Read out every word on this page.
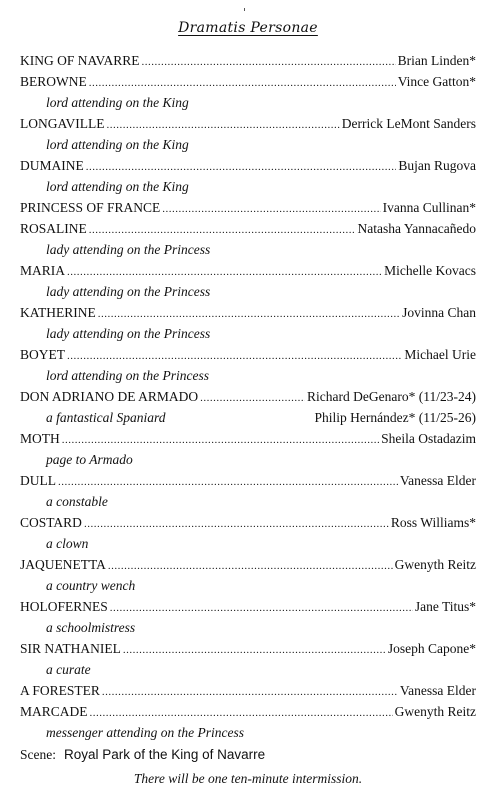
Dramatis Personae
KING OF NAVARRE .....	Brian Linden*
BEROWNE .....	Vince Gatton*
lord attending on the King
LONGAVILLE .....	Derrick LeMont Sanders
lord attending on the King
DUMAINE .....	Bujan Rugova
lord attending on the King
PRINCESS OF FRANCE .....	Ivanna Cullinan*
ROSALINE .....	Natasha Yannacañedo
lady attending on the Princess
MARIA .....	Michelle Kovacs
lady attending on the Princess
KATHERINE .....	Jovinna Chan
lady attending on the Princess
BOYET .....	Michael Urie
lord attending on the Princess
DON ADRIANO DE ARMADO .....	Richard DeGenaro* (11/23-24)
a fantastical Spaniard	Philip Hernández* (11/25-26)
MOTH .....	Sheila Ostadazim
page to Armado
DULL .....	Vanessa Elder
a constable
COSTARD .....	Ross Williams*
a clown
JAQUENETTA .....	Gwenyth Reitz
a country wench
HOLOFERNES .....	Jane Titus*
a schoolmistress
SIR NATHANIEL .....	Joseph Capone*
a curate
A FORESTER .....	Vanessa Elder
MARCADE .....	Gwenyth Reitz
messenger attending on the Princess
Scene: Royal Park of the King of Navarre
There will be one ten-minute intermission.
